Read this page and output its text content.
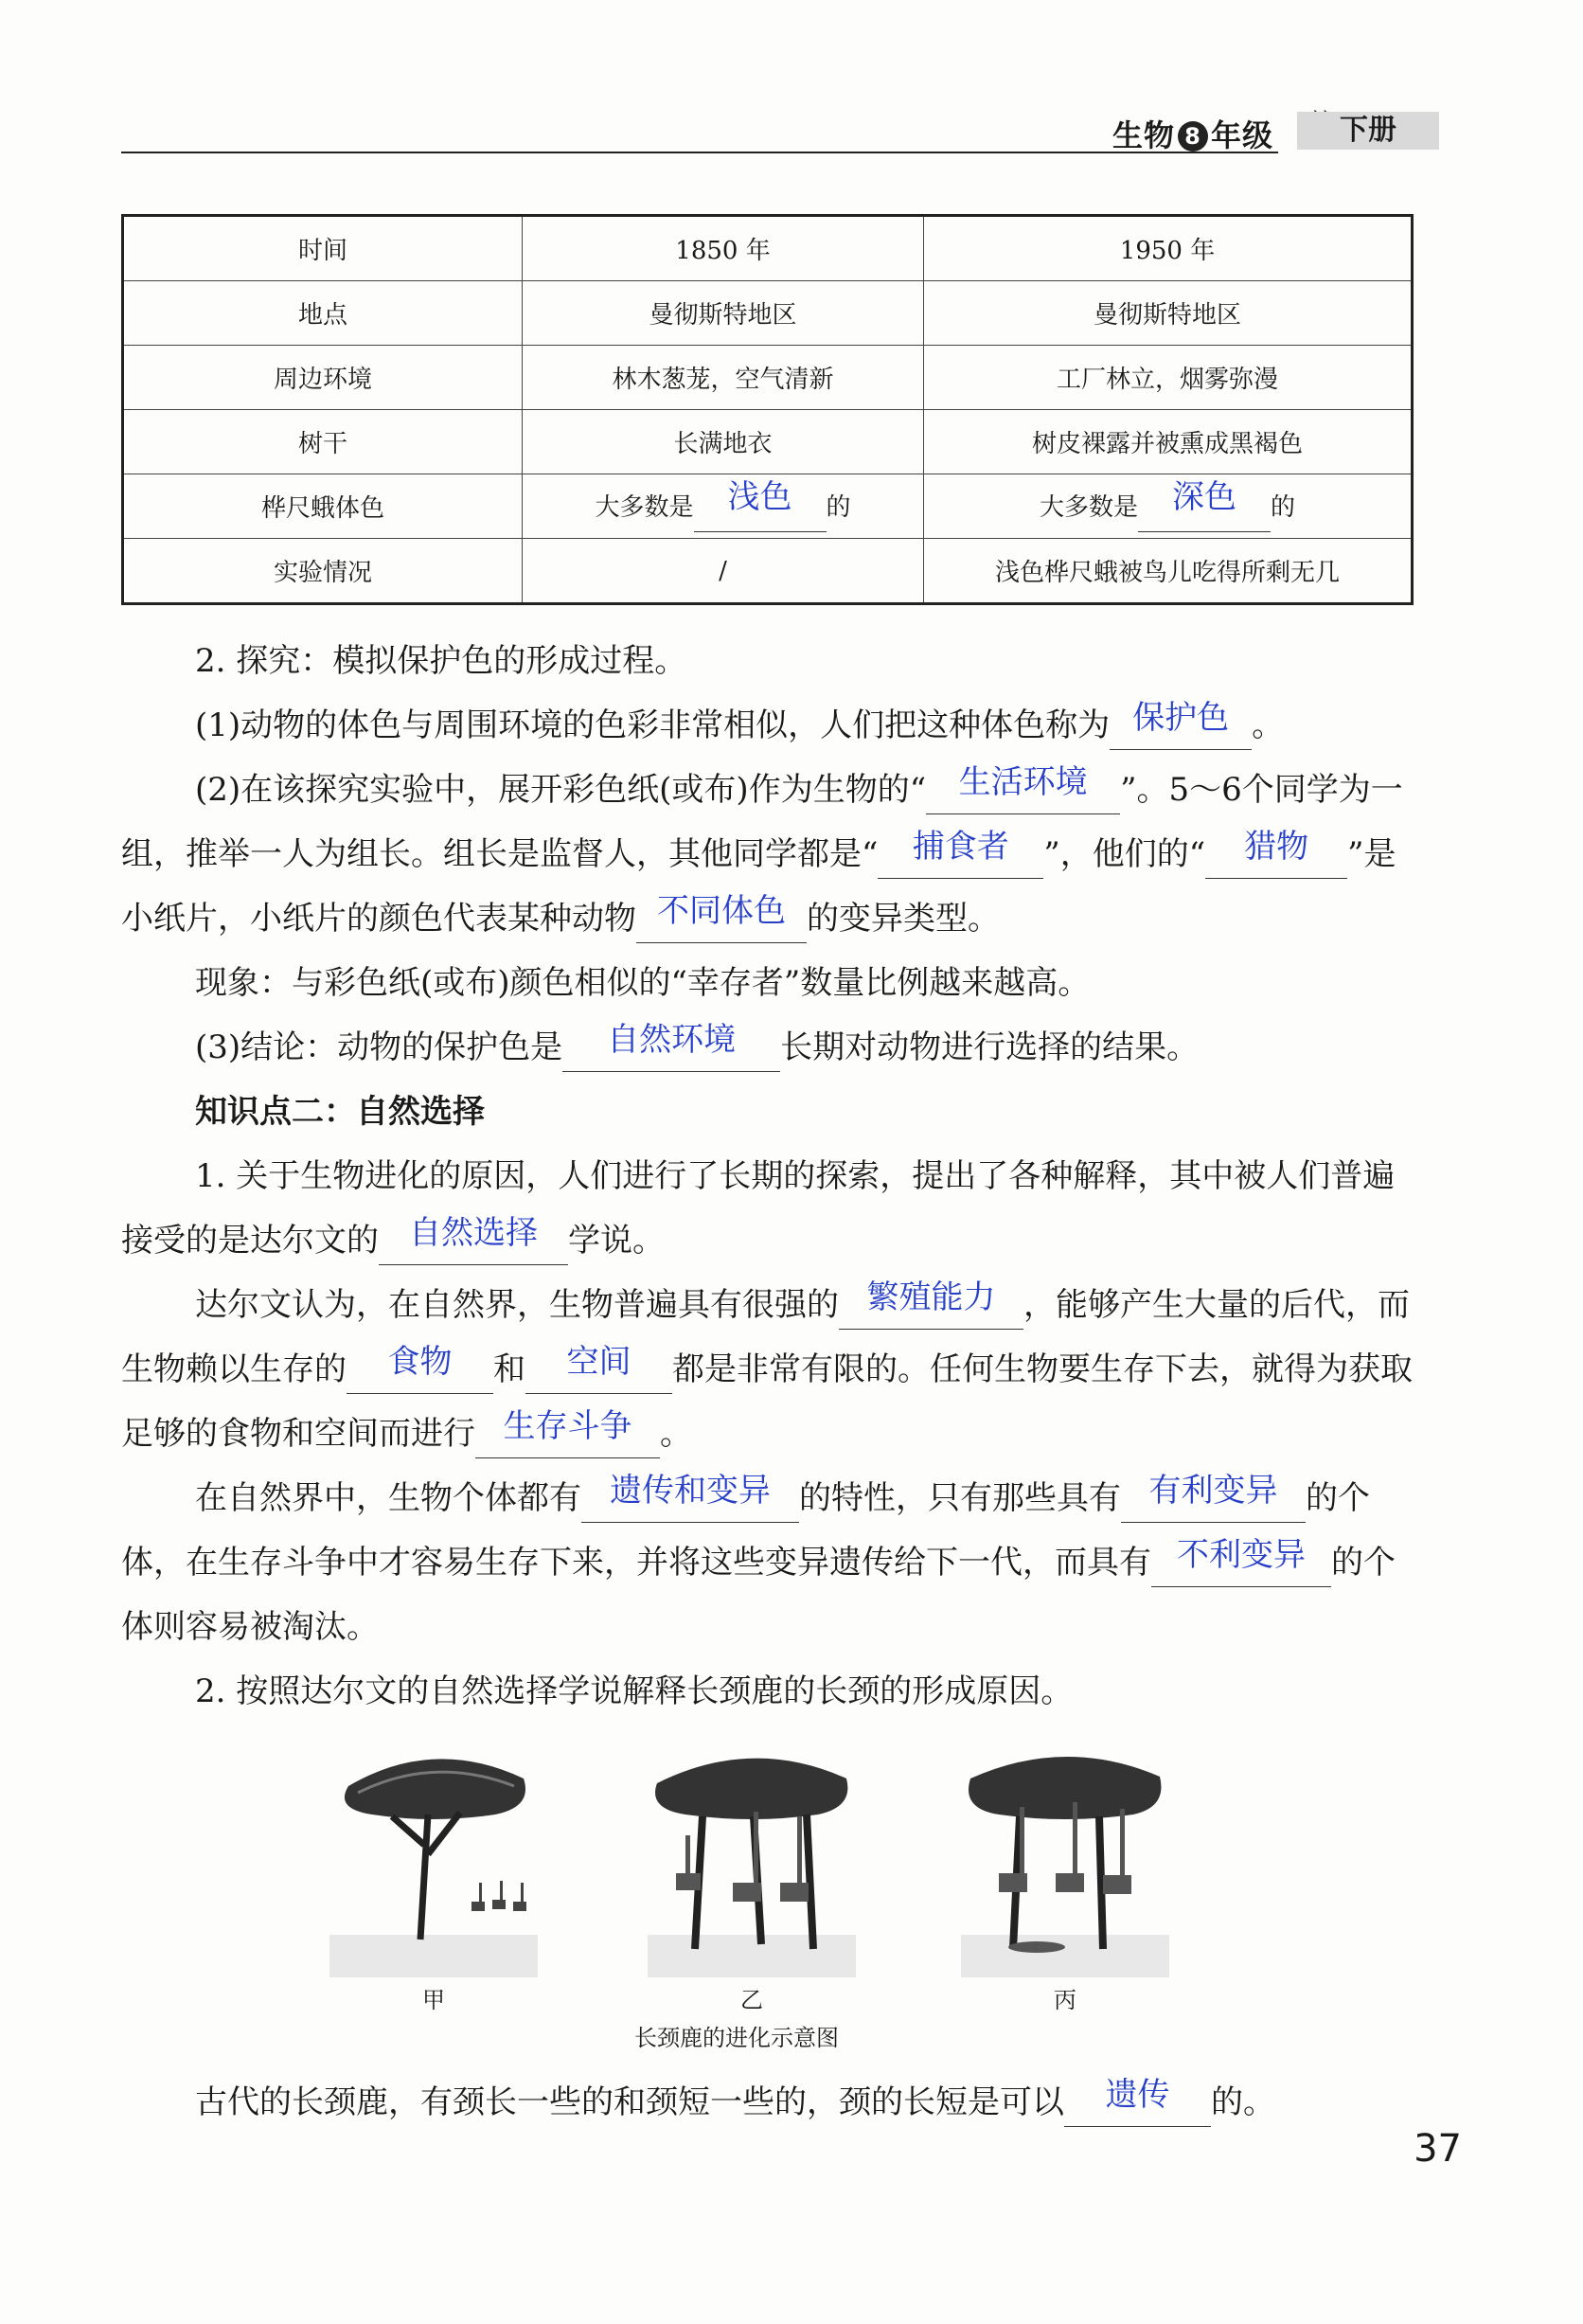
生物 8 年级	下册
时间	1850 年	1950 年
地点	曼彻斯特地区	曼彻斯特地区
周边环境	林木葱茏，空气清新	工厂林立，烟雾弥漫
树干	长满地衣	树皮裸露并被熏成黑褐色
桦尺蛾体色	大多数是 浅色 的	大多数是 深色 的
实验情况	/	浅色桦尺蛾被鸟儿吃得所剩无几

2. 探究：模拟保护色的形成过程。

(1)动物的体色与周围环境的色彩非常相似，人们把这种体色称为 保护色 。

(2)在该探究实验中，展开彩色纸(或布)作为生物的“ 生活环境 ”。5～6个同学为一组，推举一人为组长。组长是监督人，其他同学都是“ 捕食者 ”，他们的“ 猎物 ”是小纸片，小纸片的颜色代表某种动物 不同体色 的变异类型。

现象：与彩色纸(或布)颜色相似的“幸存者”数量比例越来越高。

(3)结论：动物的保护色是 自然环境 长期对动物进行选择的结果。

知识点二：自然选择

1. 关于生物进化的原因，人们进行了长期的探索，提出了各种解释，其中被人们普遍接受的是达尔文的 自然选择 学说。

达尔文认为，在自然界，生物普遍具有很强的 繁殖能力 ，能够产生大量的后代，而生物赖以生存的 食物 和 空间 都是非常有限的。任何生物要生存下去，就得为获取足够的食物和空间而进行 生存斗争 。

在自然界中，生物个体都有 遗传和变异 的特性，只有那些具有 有利变异 的个体，在生存斗争中才容易生存下来，并将这些变异遗传给下一代，而具有 不利变异 的个体则容易被淘汰。

2. 按照达尔文的自然选择学说解释长颈鹿的长颈的形成原因。

甲	乙	丙
长颈鹿的进化示意图

古代的长颈鹿，有颈长一些的和颈短一些的，颈的长短是可以 遗传 的。

37
